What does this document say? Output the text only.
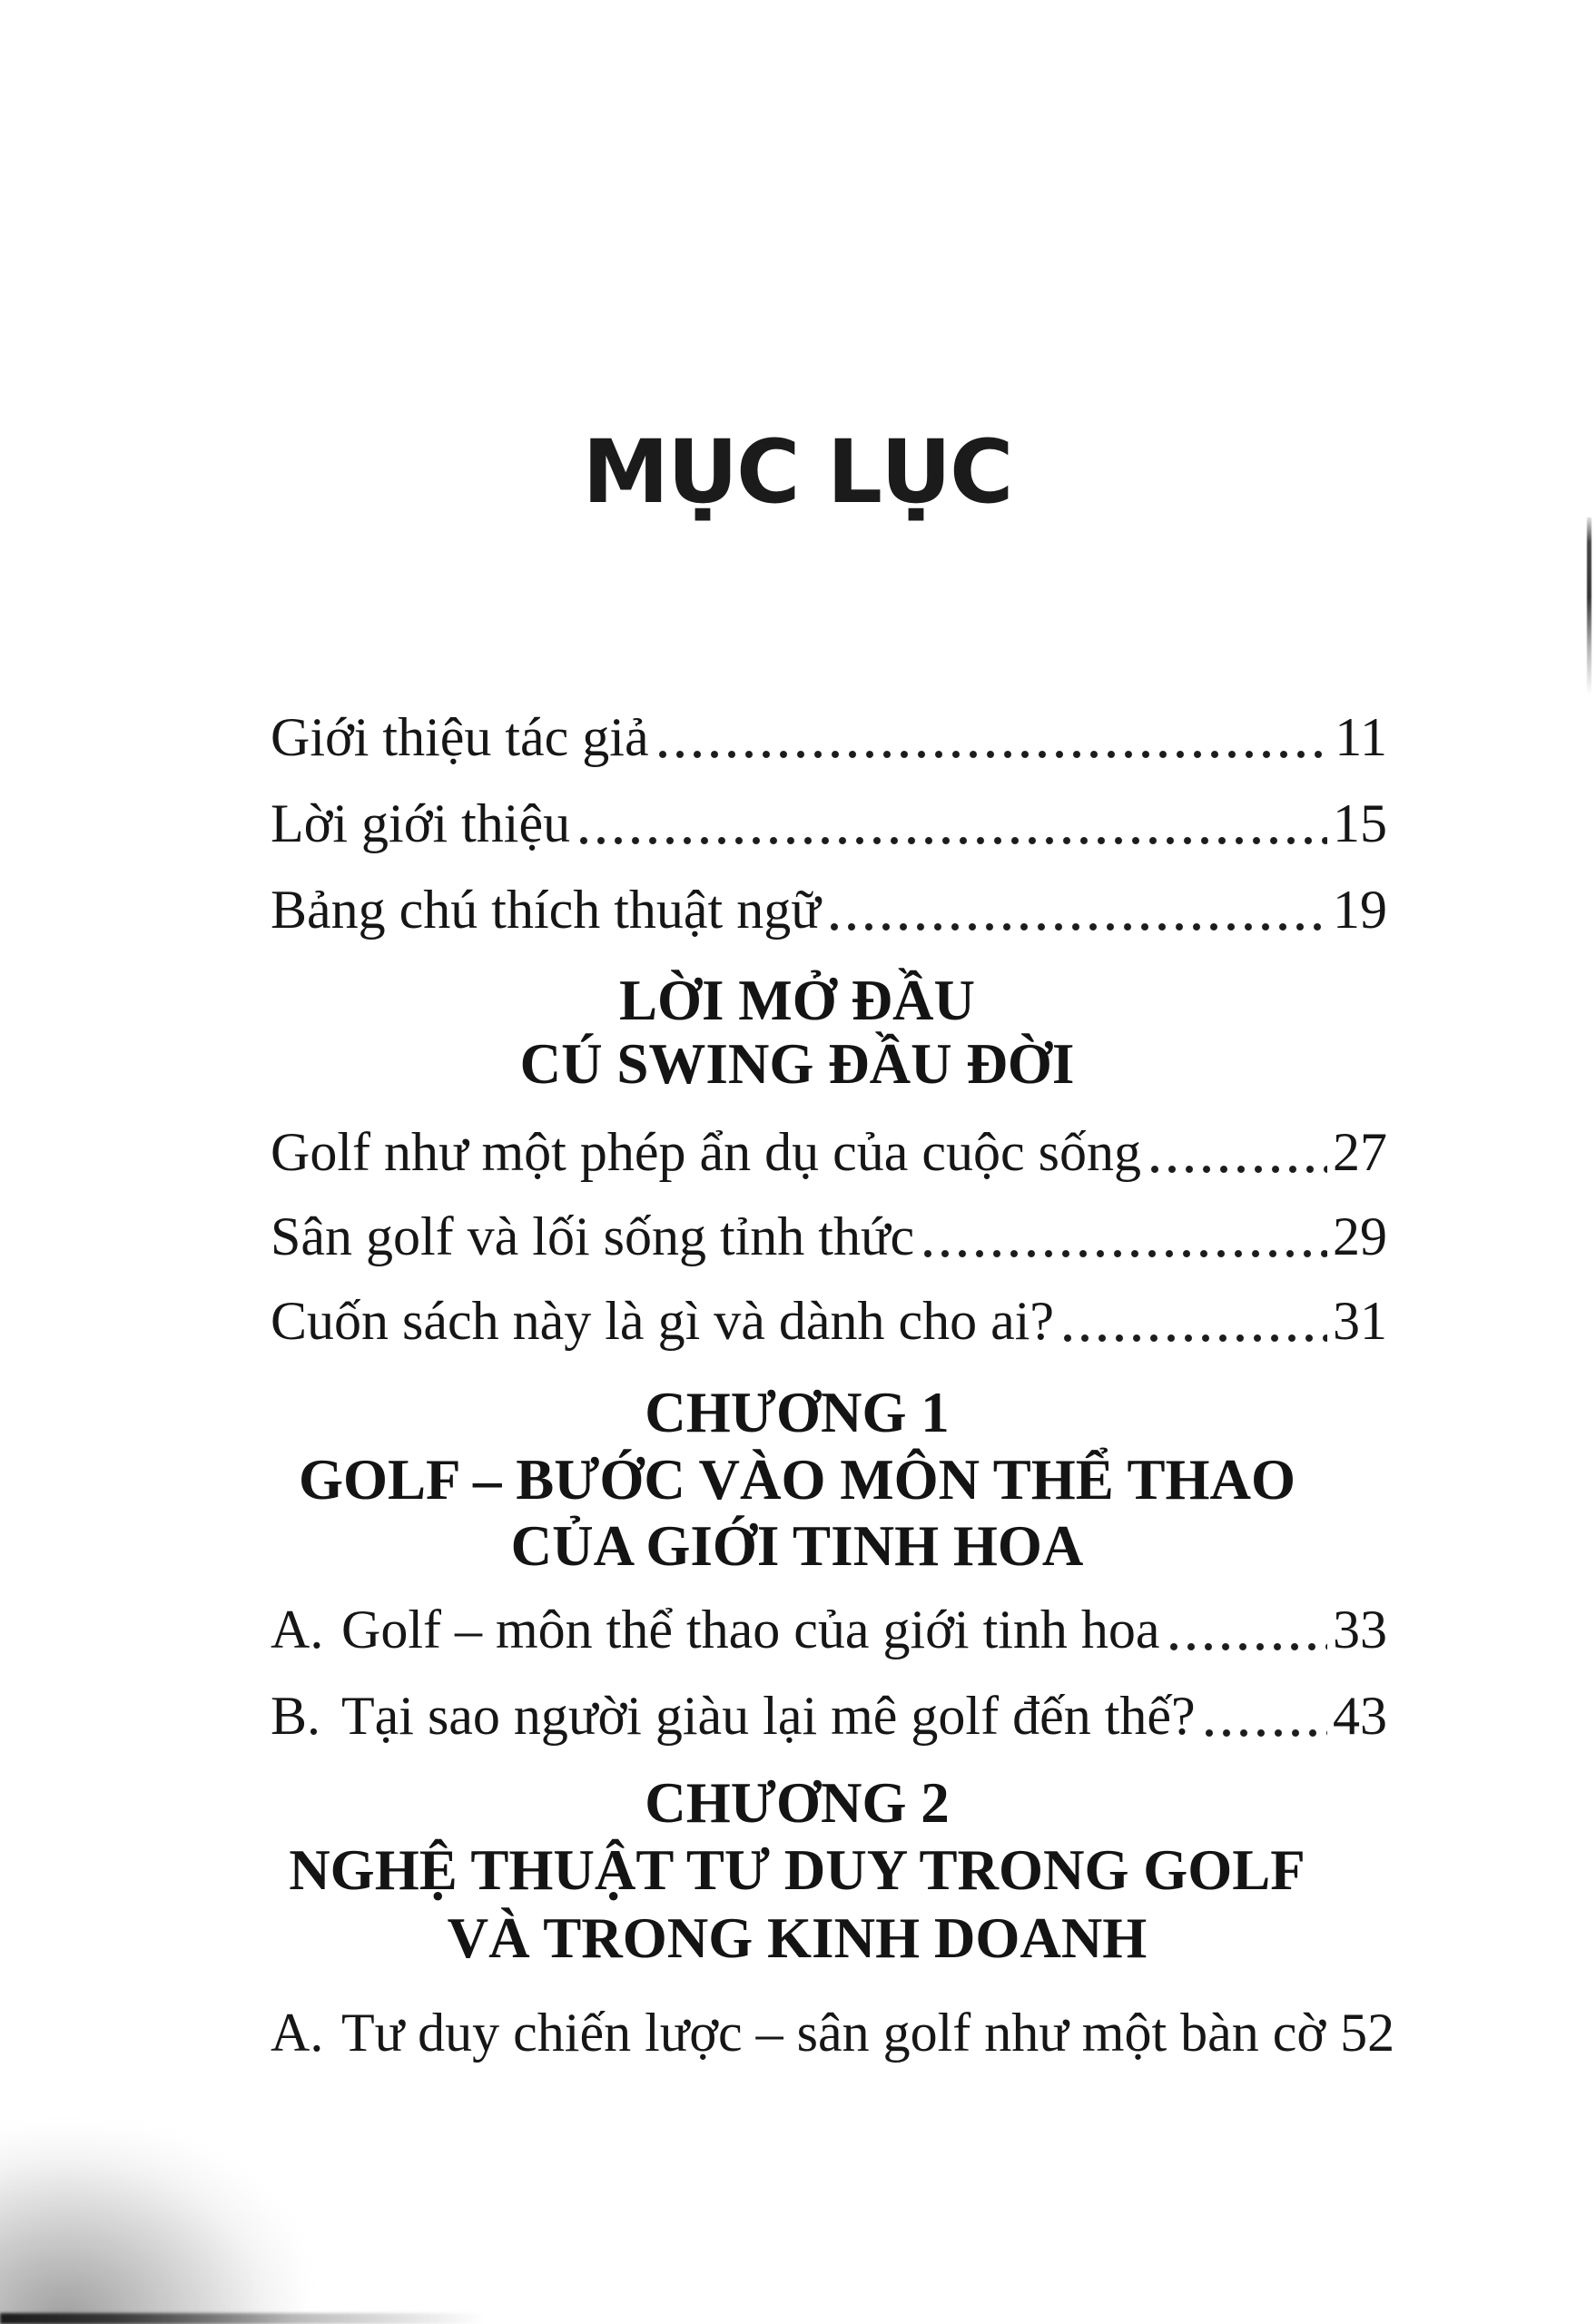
MỤC LỤC
Giới thiệu tác giả	11
Lời giới thiệu	15
Bảng chú thích thuật ngữ	19
LỜI MỞ ĐẦU
CÚ SWING ĐẦU ĐỜI
Golf như một phép ẩn dụ của cuộc sống	27
Sân golf và lối sống tỉnh thức	29
Cuốn sách này là gì và dành cho ai?	31
CHƯƠNG 1
GOLF – BƯỚC VÀO MÔN THỂ THAO
CỦA GIỚI TINH HOA
A. Golf – môn thể thao của giới tinh hoa	33
B. Tại sao người giàu lại mê golf đến thế?	43
CHƯƠNG 2
NGHỆ THUẬT TƯ DUY TRONG GOLF
VÀ TRONG KINH DOANH
A. Tư duy chiến lược – sân golf như một bàn cờ 52
